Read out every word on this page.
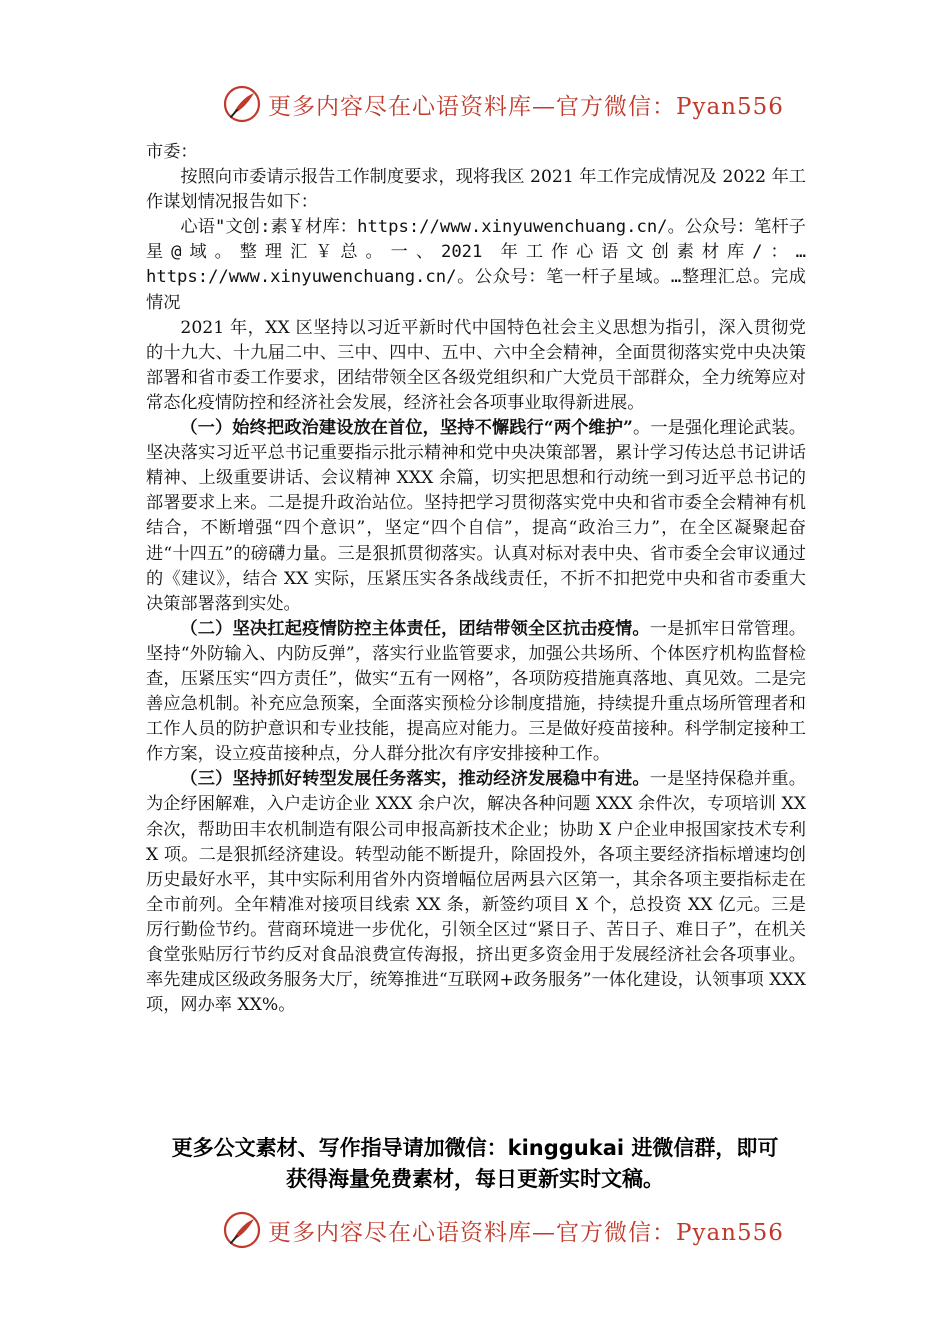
更多内容尽在心语资料库—官方微信：Pyan556

市委：

按照向市委请示报告工作制度要求，现将我区 2021 年工作完成情况及 2022 年工作谋划情况报告如下：

心语"文创:素￥材库：https://www.xinyuwenchuang.cn/。公众号：笔杆子星@域。整理汇￥总。一、2021 年工作心语文创素材库/：…https://www.xinyuwenchuang.cn/。公众号：笔一杆子星域。…整理汇总。完成情况

2021 年，XX 区坚持以习近平新时代中国特色社会主义思想为指引，深入贯彻党的十九大、十九届二中、三中、四中、五中、六中全会精神，全面贯彻落实党中央决策部署和省市委工作要求，团结带领全区各级党组织和广大党员干部群众，全力统筹应对常态化疫情防控和经济社会发展，经济社会各项事业取得新进展。

（一）始终把政治建设放在首位，坚持不懈践行“两个维护”。一是强化理论武装。坚决落实习近平总书记重要指示批示精神和党中央决策部署，累计学习传达总书记讲话精神、上级重要讲话、会议精神 XXX 余篇，切实把思想和行动统一到习近平总书记的部署要求上来。二是提升政治站位。坚持把学习贯彻落实党中央和省市委全会精神有机结合，不断增强“四个意识”，坚定“四个自信”，提高“政治三力”，在全区凝聚起奋进“十四五”的磅礴力量。三是狠抓贯彻落实。认真对标对表中央、省市委全会审议通过的《建议》，结合 XX 实际，压紧压实各条战线责任，不折不扣把党中央和省市委重大决策部署落到实处。

（二）坚决扛起疫情防控主体责任，团结带领全区抗击疫情。一是抓牢日常管理。坚持“外防输入、内防反弹”，落实行业监管要求，加强公共场所、个体医疗机构监督检查，压紧压实“四方责任”，做实“五有一网格”，各项防疫措施真落地、真见效。二是完善应急机制。补充应急预案，全面落实预检分诊制度措施，持续提升重点场所管理者和工作人员的防护意识和专业技能，提高应对能力。三是做好疫苗接种。科学制定接种工作方案，设立疫苗接种点，分人群分批次有序安排接种工作。

（三）坚持抓好转型发展任务落实，推动经济发展稳中有进。一是坚持保稳并重。为企纾困解难，入户走访企业 XXX 余户次，解决各种问题 XXX 余件次，专项培训 XX 余次，帮助田丰农机制造有限公司申报高新技术企业；协助 X 户企业申报国家技术专利 X 项。二是狠抓经济建设。转型动能不断提升，除固投外，各项主要经济指标增速均创历史最好水平，其中实际利用省外内资增幅位居两县六区第一，其余各项主要指标走在全市前列。全年精准对接项目线索 XX 条，新签约项目 X 个，总投资 XX 亿元。三是厉行勤俭节约。营商环境进一步优化，引领全区过“紧日子、苦日子、难日子”，在机关食堂张贴厉行节约反对食品浪费宣传海报，挤出更多资金用于发展经济社会各项事业。率先建成区级政务服务大厅，统筹推进“互联网+政务服务”一体化建设，认领事项 XXX 项，网办率 XX%。

更多公文素材、写作指导请加微信：kinggukai 进微信群，即可
获得海量免费素材，每日更新实时文稿。
更多内容尽在心语资料库—官方微信：Pyan556
